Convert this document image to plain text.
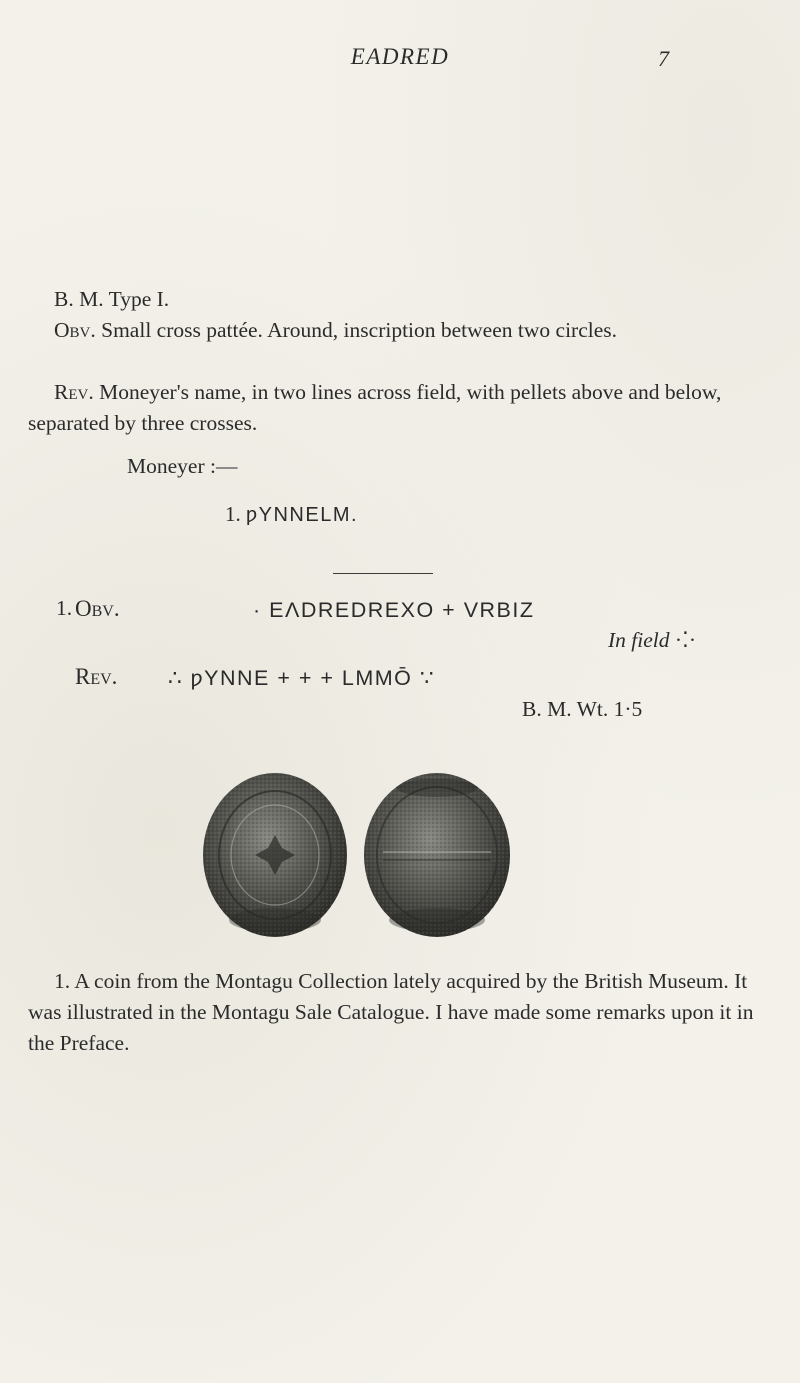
EADRED	7

B. M. Type I.

Obv. Small cross pattée. Around, inscription between two circles.

Rev. Moneyer's name, in two lines across field, with pellets above and below, separated by three crosses.

Moneyer :—
1. ƿYNNELM.
1. Obv.	· EΛDREDREXO + VRBIZ
In field ·⁚·
Rev. ∴ ƿYNNE + + + LMMŌ ∵
B. M. Wt. 1·5

1. A coin from the Montagu Collection lately acquired by the British Museum. It was illustrated in the Montagu Sale Catalogue. I have made some remarks upon it in the Preface.
